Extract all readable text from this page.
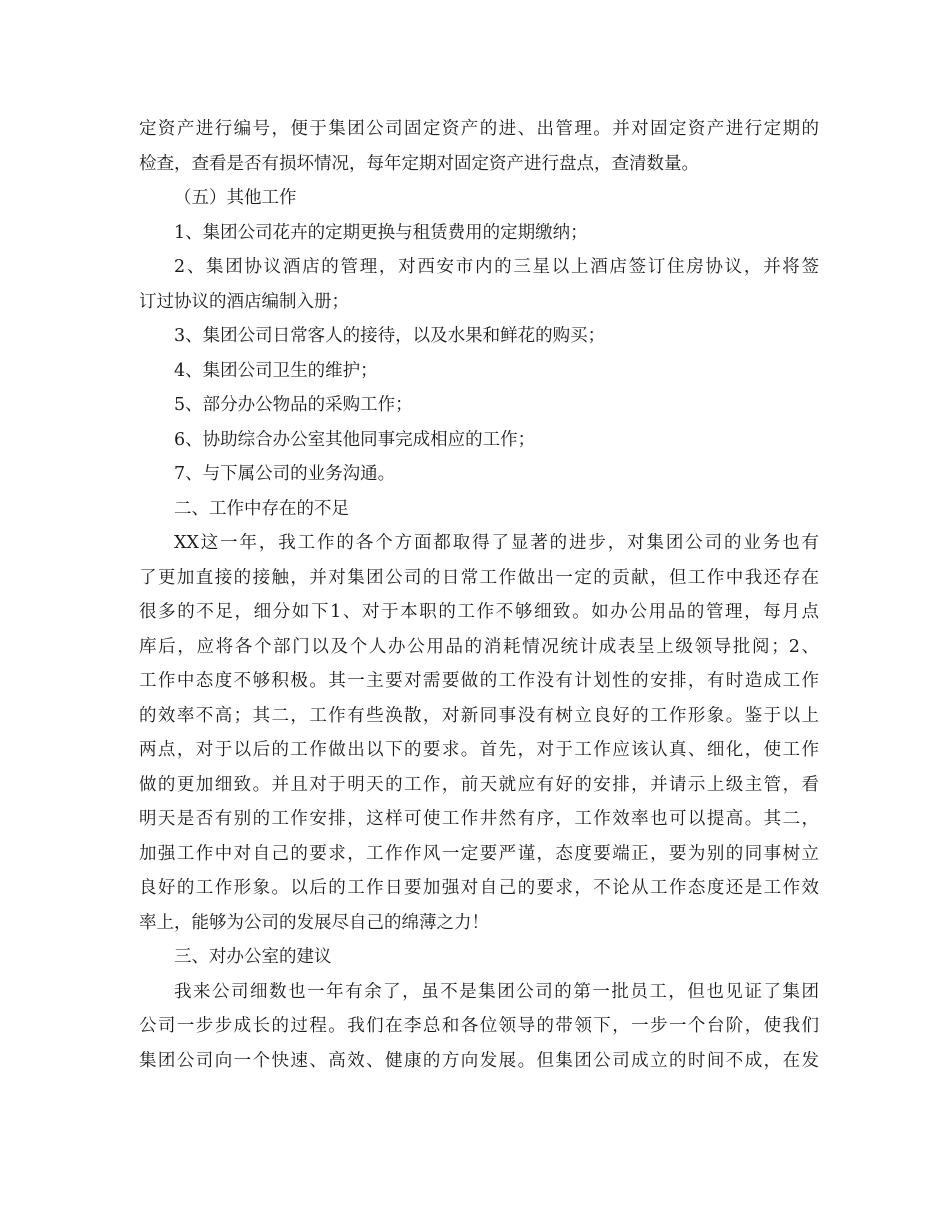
定资产进行编号，便于集团公司固定资产的进、出管理。并对固定资产进行定期的
检查，查看是否有损坏情况，每年定期对固定资产进行盘点，查清数量。
（五）其他工作
1、集团公司花卉的定期更换与租赁费用的定期缴纳；
2、集团协议酒店的管理，对西安市内的三星以上酒店签订住房协议，并将签
订过协议的酒店编制入册；
3、集团公司日常客人的接待，以及水果和鲜花的购买；
4、集团公司卫生的维护；
5、部分办公物品的采购工作；
6、协助综合办公室其他同事完成相应的工作；
7、与下属公司的业务沟通。
二、工作中存在的不足
XX这一年，我工作的各个方面都取得了显著的进步，对集团公司的业务也有
了更加直接的接触，并对集团公司的日常工作做出一定的贡献，但工作中我还存在
很多的不足，细分如下1、对于本职的工作不够细致。如办公用品的管理，每月点
库后，应将各个部门以及个人办公用品的消耗情况统计成表呈上级领导批阅；2、
工作中态度不够积极。其一主要对需要做的工作没有计划性的安排，有时造成工作
的效率不高；其二，工作有些涣散，对新同事没有树立良好的工作形象。鉴于以上
两点，对于以后的工作做出以下的要求。首先，对于工作应该认真、细化，使工作
做的更加细致。并且对于明天的工作，前天就应有好的安排，并请示上级主管，看
明天是否有别的工作安排，这样可使工作井然有序，工作效率也可以提高。其二，
加强工作中对自己的要求，工作作风一定要严谨，态度要端正，要为别的同事树立
良好的工作形象。以后的工作日要加强对自己的要求，不论从工作态度还是工作效
率上，能够为公司的发展尽自己的绵薄之力！
三、对办公室的建议
我来公司细数也一年有余了，虽不是集团公司的第一批员工，但也见证了集团
公司一步步成长的过程。我们在李总和各位领导的带领下，一步一个台阶，使我们
集团公司向一个快速、高效、健康的方向发展。但集团公司成立的时间不成，在发
